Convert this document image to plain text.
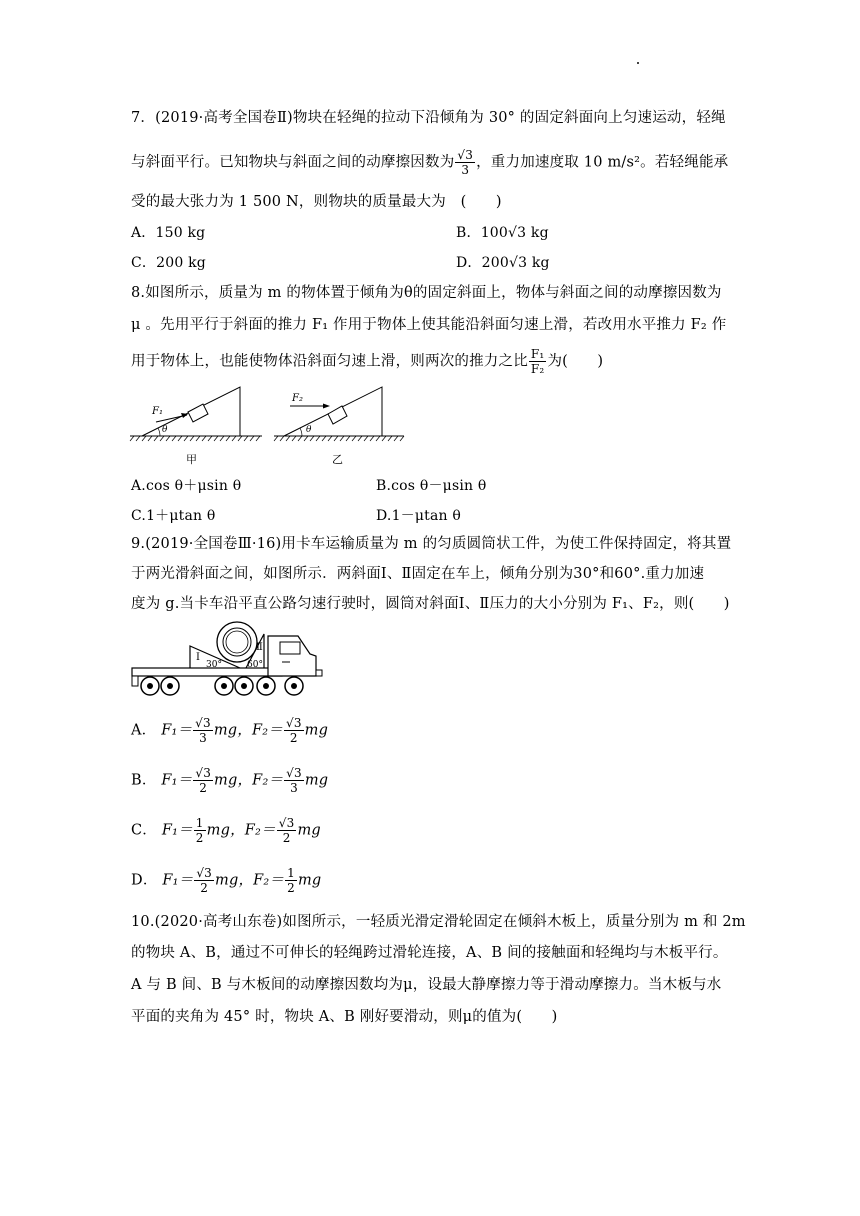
7．(2019·高考全国卷Ⅱ)物块在轻绳的拉动下沿倾角为 30° 的固定斜面向上匀速运动，轻绳
与斜面平行。已知物块与斜面之间的动摩擦因数为 $\frac{√3}{3}$ ，重力加速度取 10 m/s²。若轻绳能承
受的最大张力为 1 500 N，则物块的质量最大为　(　　)
A．150 kg	B．100√3 kg
C．200 kg	D．200√3 kg
8.如图所示，质量为 m 的物体置于倾角为θ的固定斜面上，物体与斜面之间的动摩擦因数为
μ 。先用平行于斜面的推力 F₁ 作用于物体上使其能沿斜面匀速上滑，若改用水平推力 F₂ 作
用于物体上，也能使物体沿斜面匀速上滑，则两次的推力之比 $\frac{\text{F₁}}{\text{F₂}}$ 为(　　)
F₁
θ
甲
F₂
θ
乙
A.cos θ＋μsin θ	B.cos θ－μsin θ
C.1＋μtan θ	D.1－μtan θ
9.(2019·全国卷Ⅲ·16)用卡车运输质量为 m 的匀质圆筒状工件，为使工件保持固定，将其置
于两光滑斜面之间，如图所示．两斜面Ⅰ、Ⅱ固定在车上，倾角分别为30°和60°.重力加速
度为 g.当卡车沿平直公路匀速行驶时，圆筒对斜面Ⅰ、Ⅱ压力的大小分别为 F₁、F₂，则(　　)
Ⅰ
Ⅱ
30°	60°
A． $F_1= \frac{√3}{3}$ mg，$F_2= \frac{√3}{2}$ mg
B． $F_1= \frac{√3}{2}$ mg，$F_2= \frac{√3}{3}$ mg
C． $F_1= \frac{1}{2}$ mg，$F_2= \frac{√3}{2}$ mg
D． $F_1= \frac{√3}{2}$ mg，$F_2= \frac{1}{2}$ mg
10.(2020·高考山东卷)如图所示，一轻质光滑定滑轮固定在倾斜木板上，质量分别为 m 和 2m
的物块 A、B，通过不可伸长的轻绳跨过滑轮连接，A、B 间的接触面和轻绳均与木板平行。
A 与 B 间、B 与木板间的动摩擦因数均为μ，设最大静摩擦力等于滑动摩擦力。当木板与水
平面的夹角为 45° 时，物块 A、B 刚好要滑动，则μ的值为(　　)
